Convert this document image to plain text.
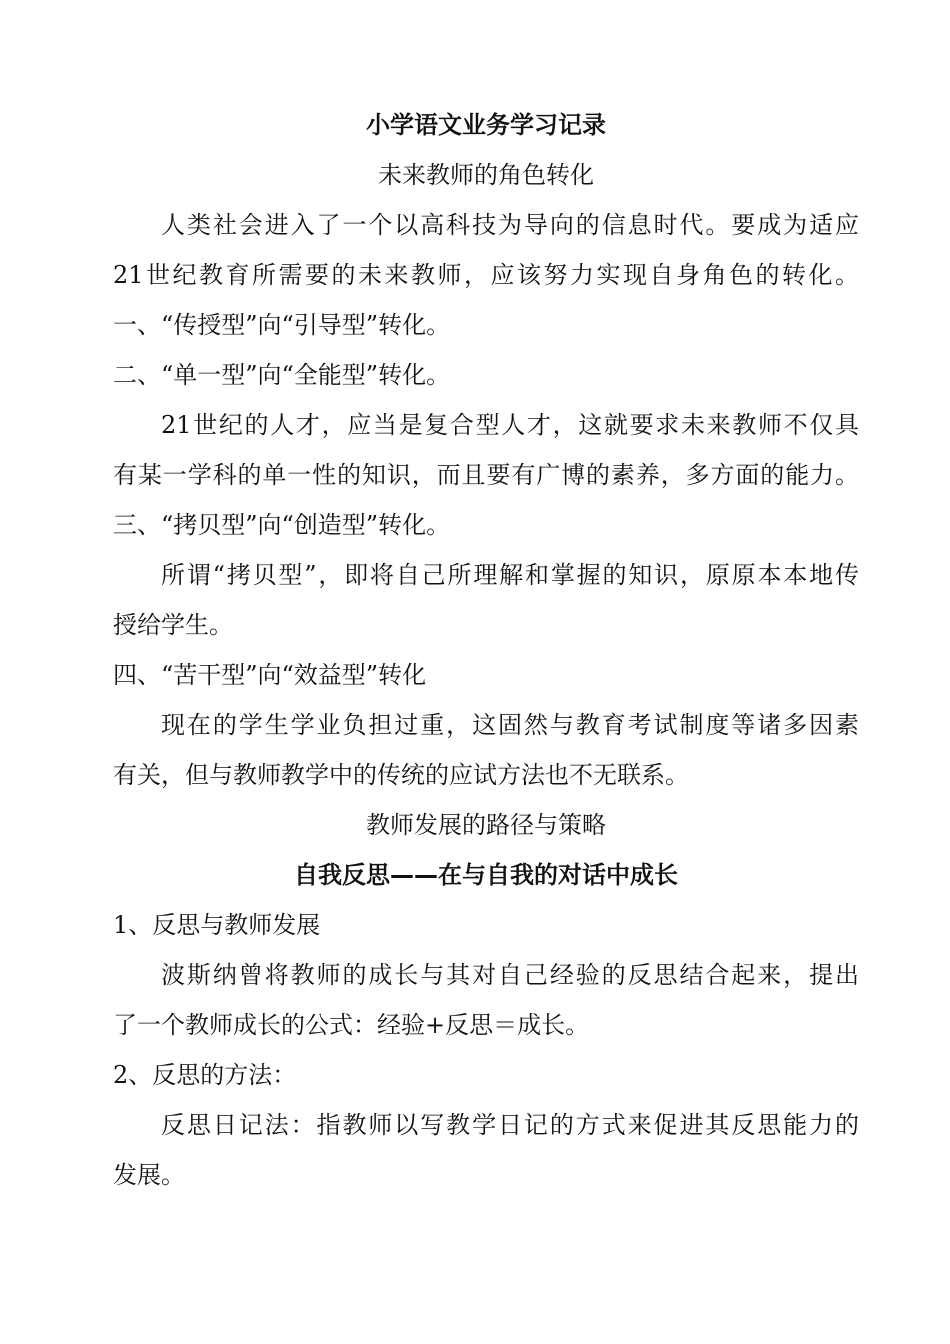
小学语文业务学习记录

未来教师的角色转化

人类社会进入了一个以高科技为导向的信息时代。要成为适应

21世纪教育所需要的未来教师，应该努力实现自身角色的转化。

一、“传授型”向“引导型”转化。

二、“单一型”向“全能型”转化。

21世纪的人才，应当是复合型人才，这就要求未来教师不仅具

有某一学科的单一性的知识，而且要有广博的素养，多方面的能力。

三、“拷贝型”向“创造型”转化。

所谓“拷贝型”，即将自己所理解和掌握的知识，原原本本地传

授给学生。

四、“苦干型”向“效益型”转化

现在的学生学业负担过重，这固然与教育考试制度等诸多因素

有关，但与教师教学中的传统的应试方法也不无联系。

教师发展的路径与策略

自我反思——在与自我的对话中成长

1、反思与教师发展

波斯纳曾将教师的成长与其对自己经验的反思结合起来，提出

了一个教师成长的公式：经验+反思＝成长。

2、反思的方法：

反思日记法：指教师以写教学日记的方式来促进其反思能力的

发展。
